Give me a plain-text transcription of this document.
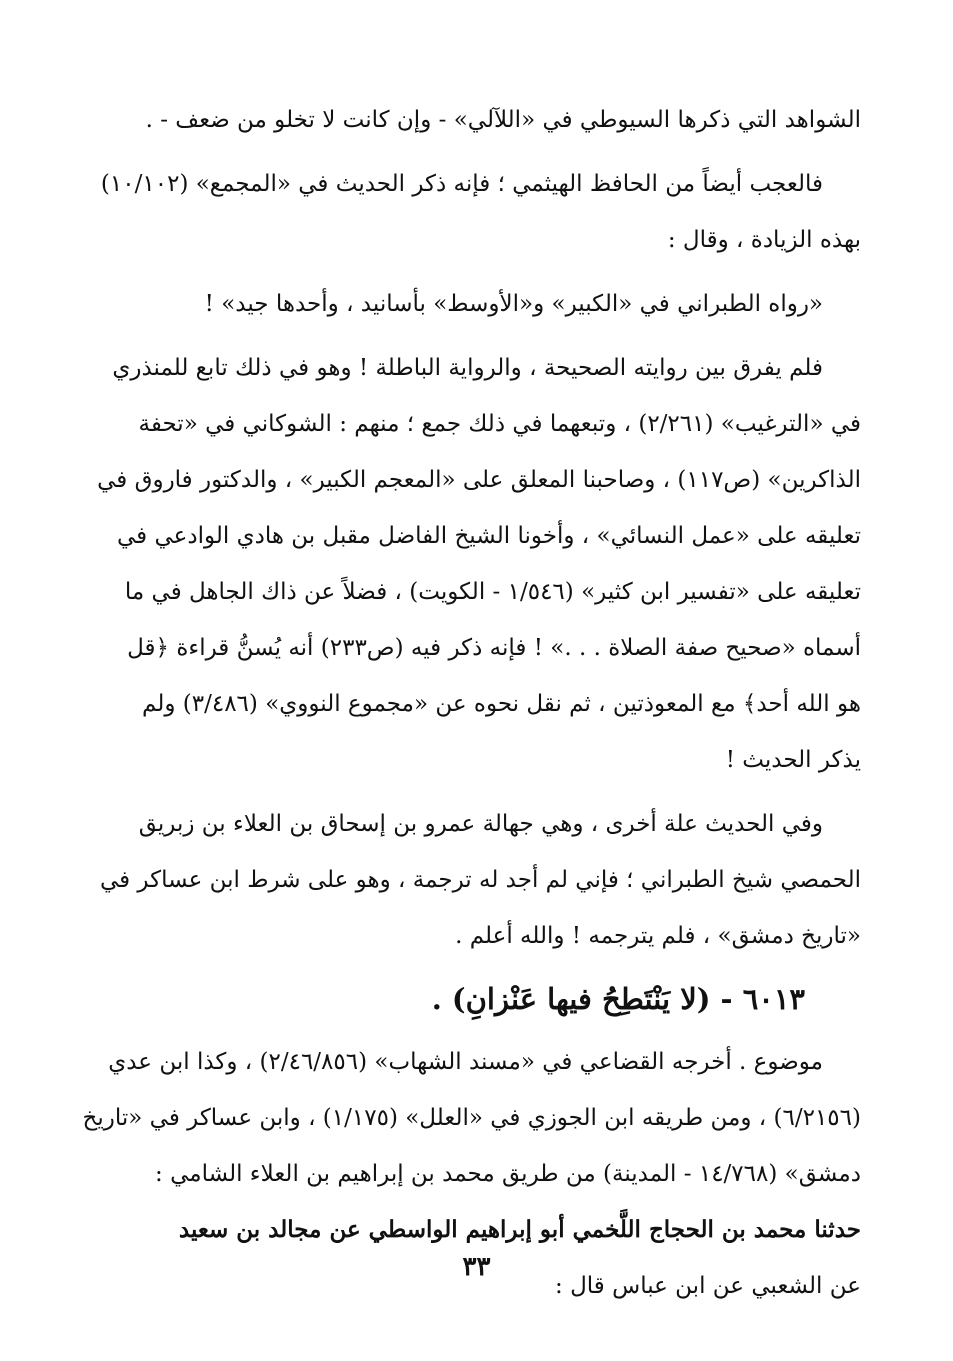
الشواهد التي ذكرها السيوطي في «اللآلي» - وإن كانت لا تخلو من ضعف - .
فالعجب أيضاً من الحافظ الهيثمي ؛ فإنه ذكر الحديث في «المجمع» (١٠/١٠٢)
بهذه الزيادة ، وقال :
«رواه الطبراني في «الكبير» و«الأوسط» بأسانيد ، وأحدها جيد» !
فلم يفرق بين روايته الصحيحة ، والرواية الباطلة ! وهو في ذلك تابع للمنذري
في «الترغيب» (٢/٢٦١) ، وتبعهما في ذلك جمع ؛ منهم : الشوكاني في «تحفة
الذاكرين» (ص١١٧) ، وصاحبنا المعلق على «المعجم الكبير» ، والدكتور فاروق في
تعليقه على «عمل النسائي» ، وأخونا الشيخ الفاضل مقبل بن هادي الوادعي في
تعليقه على «تفسير ابن كثير» (١/٥٤٦ - الكويت) ، فضلاً عن ذاك الجاهل في ما
أسماه «صحيح صفة الصلاة . . .» ! فإنه ذكر فيه (ص٢٣٣) أنه يُسنُّ قراءة ﴿قل
هو الله أحد﴾ مع المعوذتين ، ثم نقل نحوه عن «مجموع النووي» (٣/٤٨٦) ولم
يذكر الحديث !
وفي الحديث علة أخرى ، وهي جهالة عمرو بن إسحاق بن العلاء بن زبريق
الحمصي شيخ الطبراني ؛ فإني لم أجد له ترجمة ، وهو على شرط ابن عساكر في
«تاريخ دمشق» ، فلم يترجمه ! والله أعلم .
٦٠١٣ - (لا يَنْتَطِحُ فيها عَنْزانِ) .
موضوع . أخرجه القضاعي في «مسند الشهاب» (٢/٤٦/٨٥٦) ، وكذا ابن عدي
(٦/٢١٥٦) ، ومن طريقه ابن الجوزي في «العلل» (١/١٧٥) ، وابن عساكر في «تاريخ
دمشق» (١٤/٧٦٨ - المدينة) من طريق محمد بن إبراهيم بن العلاء الشامي :
حدثنا محمد بن الحجاج اللَّخمي أبو إبراهيم الواسطي عن مجالد بن سعيد
عن الشعبي عن ابن عباس قال :
٣٣
